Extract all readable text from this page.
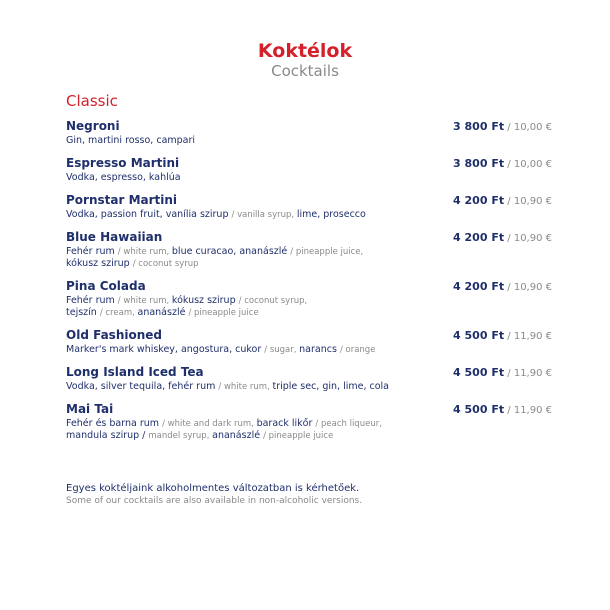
Koktélok
Cocktails
Classic
Negroni	3 800 Ft / 10,00 €
Gin, martini rosso, campari
Espresso Martini	3 800 Ft / 10,00 €
Vodka, espresso, kahlúa
Pornstar Martini	4 200 Ft / 10,90 €
Vodka, passion fruit, vanília szirup / vanilla syrup, lime, prosecco
Blue Hawaiian	4 200 Ft / 10,90 €
Fehér rum / white rum, blue curacao, ananászlé / pineapple juice,
kókusz szirup / coconut syrup
Pina Colada	4 200 Ft / 10,90 €
Fehér rum / white rum, kókusz szirup / coconut syrup,
tejszín / cream, ananászlé / pineapple juice
Old Fashioned	4 500 Ft / 11,90 €
Marker's mark whiskey, angostura, cukor / sugar, narancs / orange
Long Island Iced Tea	4 500 Ft / 11,90 €
Vodka, silver tequila, fehér rum / white rum, triple sec, gin, lime, cola
Mai Tai	4 500 Ft / 11,90 €
Fehér és barna rum / white and dark rum, barack likőr / peach liqueur,
mandula szirup / mandel syrup, ananászlé / pineapple juice
Egyes koktéljaink alkoholmentes változatban is kérhetőek.
Some of our cocktails are also available in non-alcoholic versions.
